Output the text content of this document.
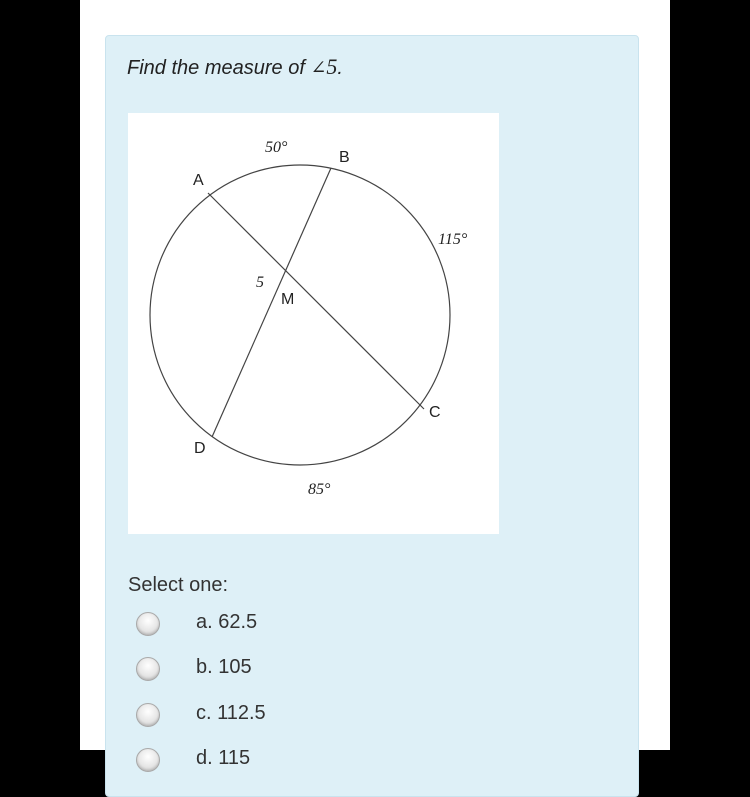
Find the measure of ∠5.
A
B
C
D
M
5
50°
115°
85°
Select one:
a. 62.5
b. 105
c. 112.5
d. 115
